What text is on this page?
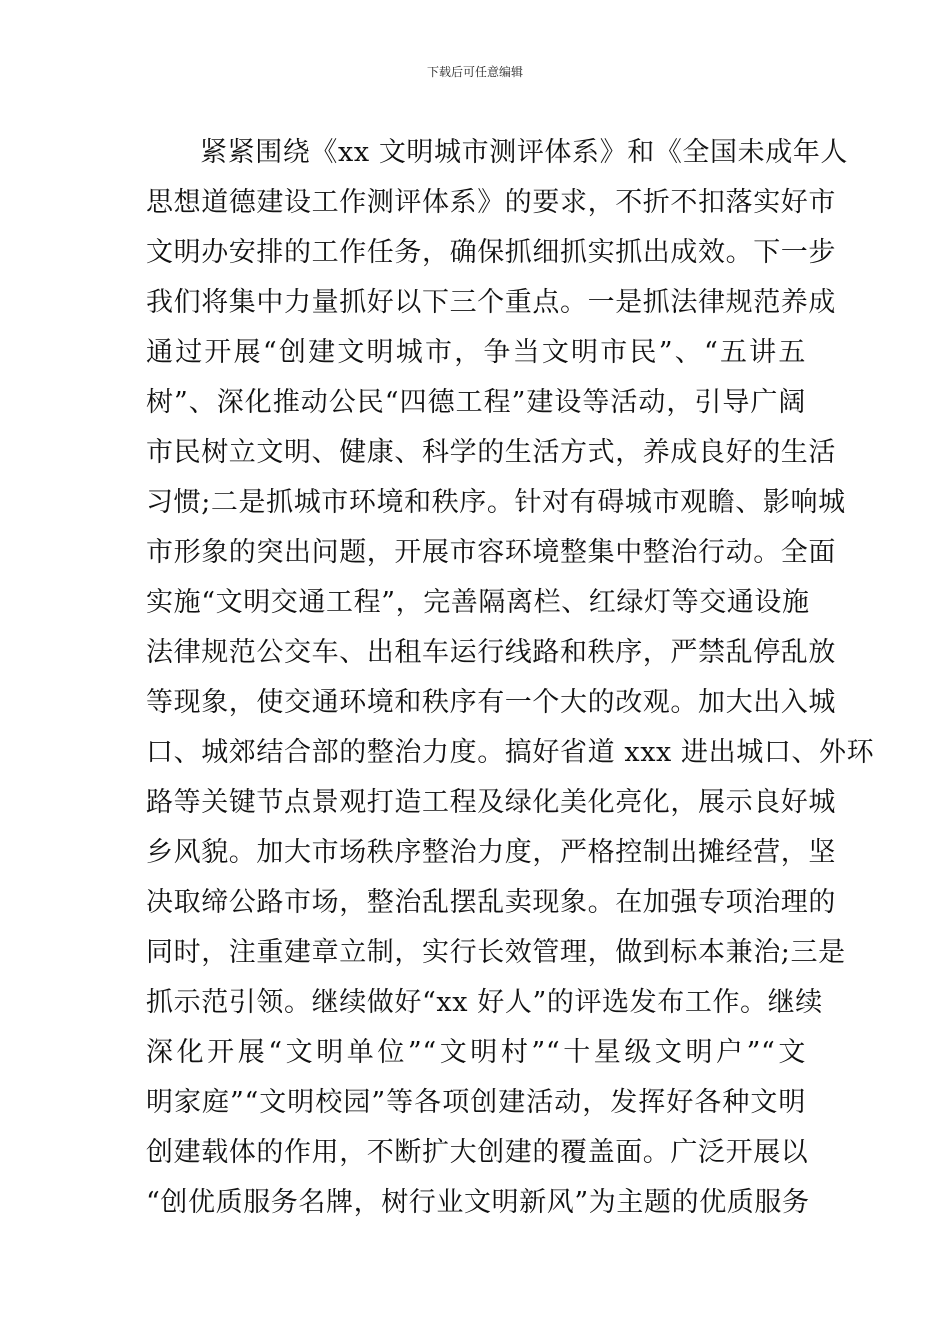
下载后可任意编辑
紧紧围绕《xx 文明城市测评体系》和《全国未成年人
思想道德建设工作测评体系》的要求，不折不扣落实好市
文明办安排的工作任务，确保抓细抓实抓出成效。下一步
我们将集中力量抓好以下三个重点。一是抓法律规范养成
通过开展“创建文明城市，争当文明市民”、“五讲五
树”、深化推动公民“四德工程”建设等活动，引导广阔
市民树立文明、健康、科学的生活方式，养成良好的生活
习惯;二是抓城市环境和秩序。针对有碍城市观瞻、影响城
市形象的突出问题，开展市容环境整集中整治行动。全面
实施“文明交通工程”，完善隔离栏、红绿灯等交通设施
法律规范公交车、出租车运行线路和秩序，严禁乱停乱放
等现象，使交通环境和秩序有一个大的改观。加大出入城
口、城郊结合部的整治力度。搞好省道 xxx 进出城口、外环
路等关键节点景观打造工程及绿化美化亮化，展示良好城
乡风貌。加大市场秩序整治力度，严格控制出摊经营，坚
决取缔公路市场，整治乱摆乱卖现象。在加强专项治理的
同时，注重建章立制，实行长效管理，做到标本兼治;三是
抓示范引领。继续做好“xx 好人”的评选发布工作。继续
深化开展“文明单位”“文明村”“十星级文明户”“文
明家庭”“文明校园”等各项创建活动，发挥好各种文明
创建载体的作用，不断扩大创建的覆盖面。广泛开展以
“创优质服务名牌，树行业文明新风”为主题的优质服务
